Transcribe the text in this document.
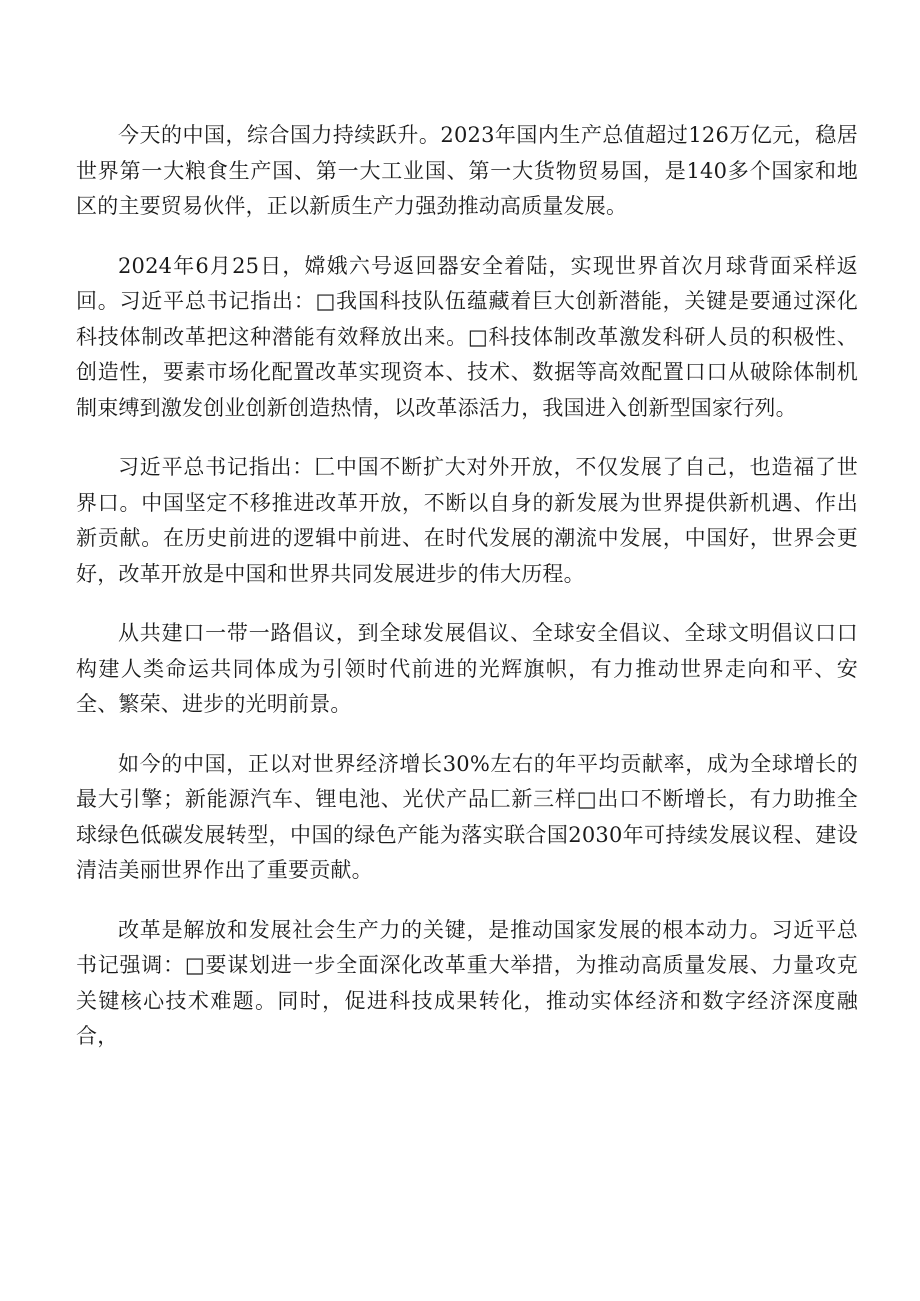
今天的中国，综合国力持续跃升。2023年国内生产总值超过126万亿元，稳居世界第一大粮食生产国、第一大工业国、第一大货物贸易国，是140多个国家和地区的主要贸易伙伴，正以新质生产力强劲推动高质量发展。

2024年6月25日，嫦娥六号返回器安全着陆，实现世界首次月球背面采样返回。习近平总书记指出：□我国科技队伍蕴藏着巨大创新潜能，关键是要通过深化科技体制改革把这种潜能有效释放出来。□科技体制改革激发科研人员的积极性、创造性，要素市场化配置改革实现资本、技术、数据等高效配置口口从破除体制机制束缚到激发创业创新创造热情，以改革添活力，我国进入创新型国家行列。

习近平总书记指出：匚中国不断扩大对外开放，不仅发展了自己，也造福了世界口。中国坚定不移推进改革开放，不断以自身的新发展为世界提供新机遇、作出新贡献。在历史前进的逻辑中前进、在时代发展的潮流中发展，中国好，世界会更好，改革开放是中国和世界共同发展进步的伟大历程。

从共建口一带一路倡议，到全球发展倡议、全球安全倡议、全球文明倡议口口构建人类命运共同体成为引领时代前进的光辉旗帜，有力推动世界走向和平、安全、繁荣、进步的光明前景。

如今的中国，正以对世界经济增长30%左右的年平均贡献率，成为全球增长的最大引擎；新能源汽车、锂电池、光伏产品匚新三样□出口不断增长，有力助推全球绿色低碳发展转型，中国的绿色产能为落实联合国2030年可持续发展议程、建设清洁美丽世界作出了重要贡献。

改革是解放和发展社会生产力的关键，是推动国家发展的根本动力。习近平总书记强调：□要谋划进一步全面深化改革重大举措，为推动高质量发展、力量攻克关键核心技术难题。同时，促进科技成果转化，推动实体经济和数字经济深度融合，
